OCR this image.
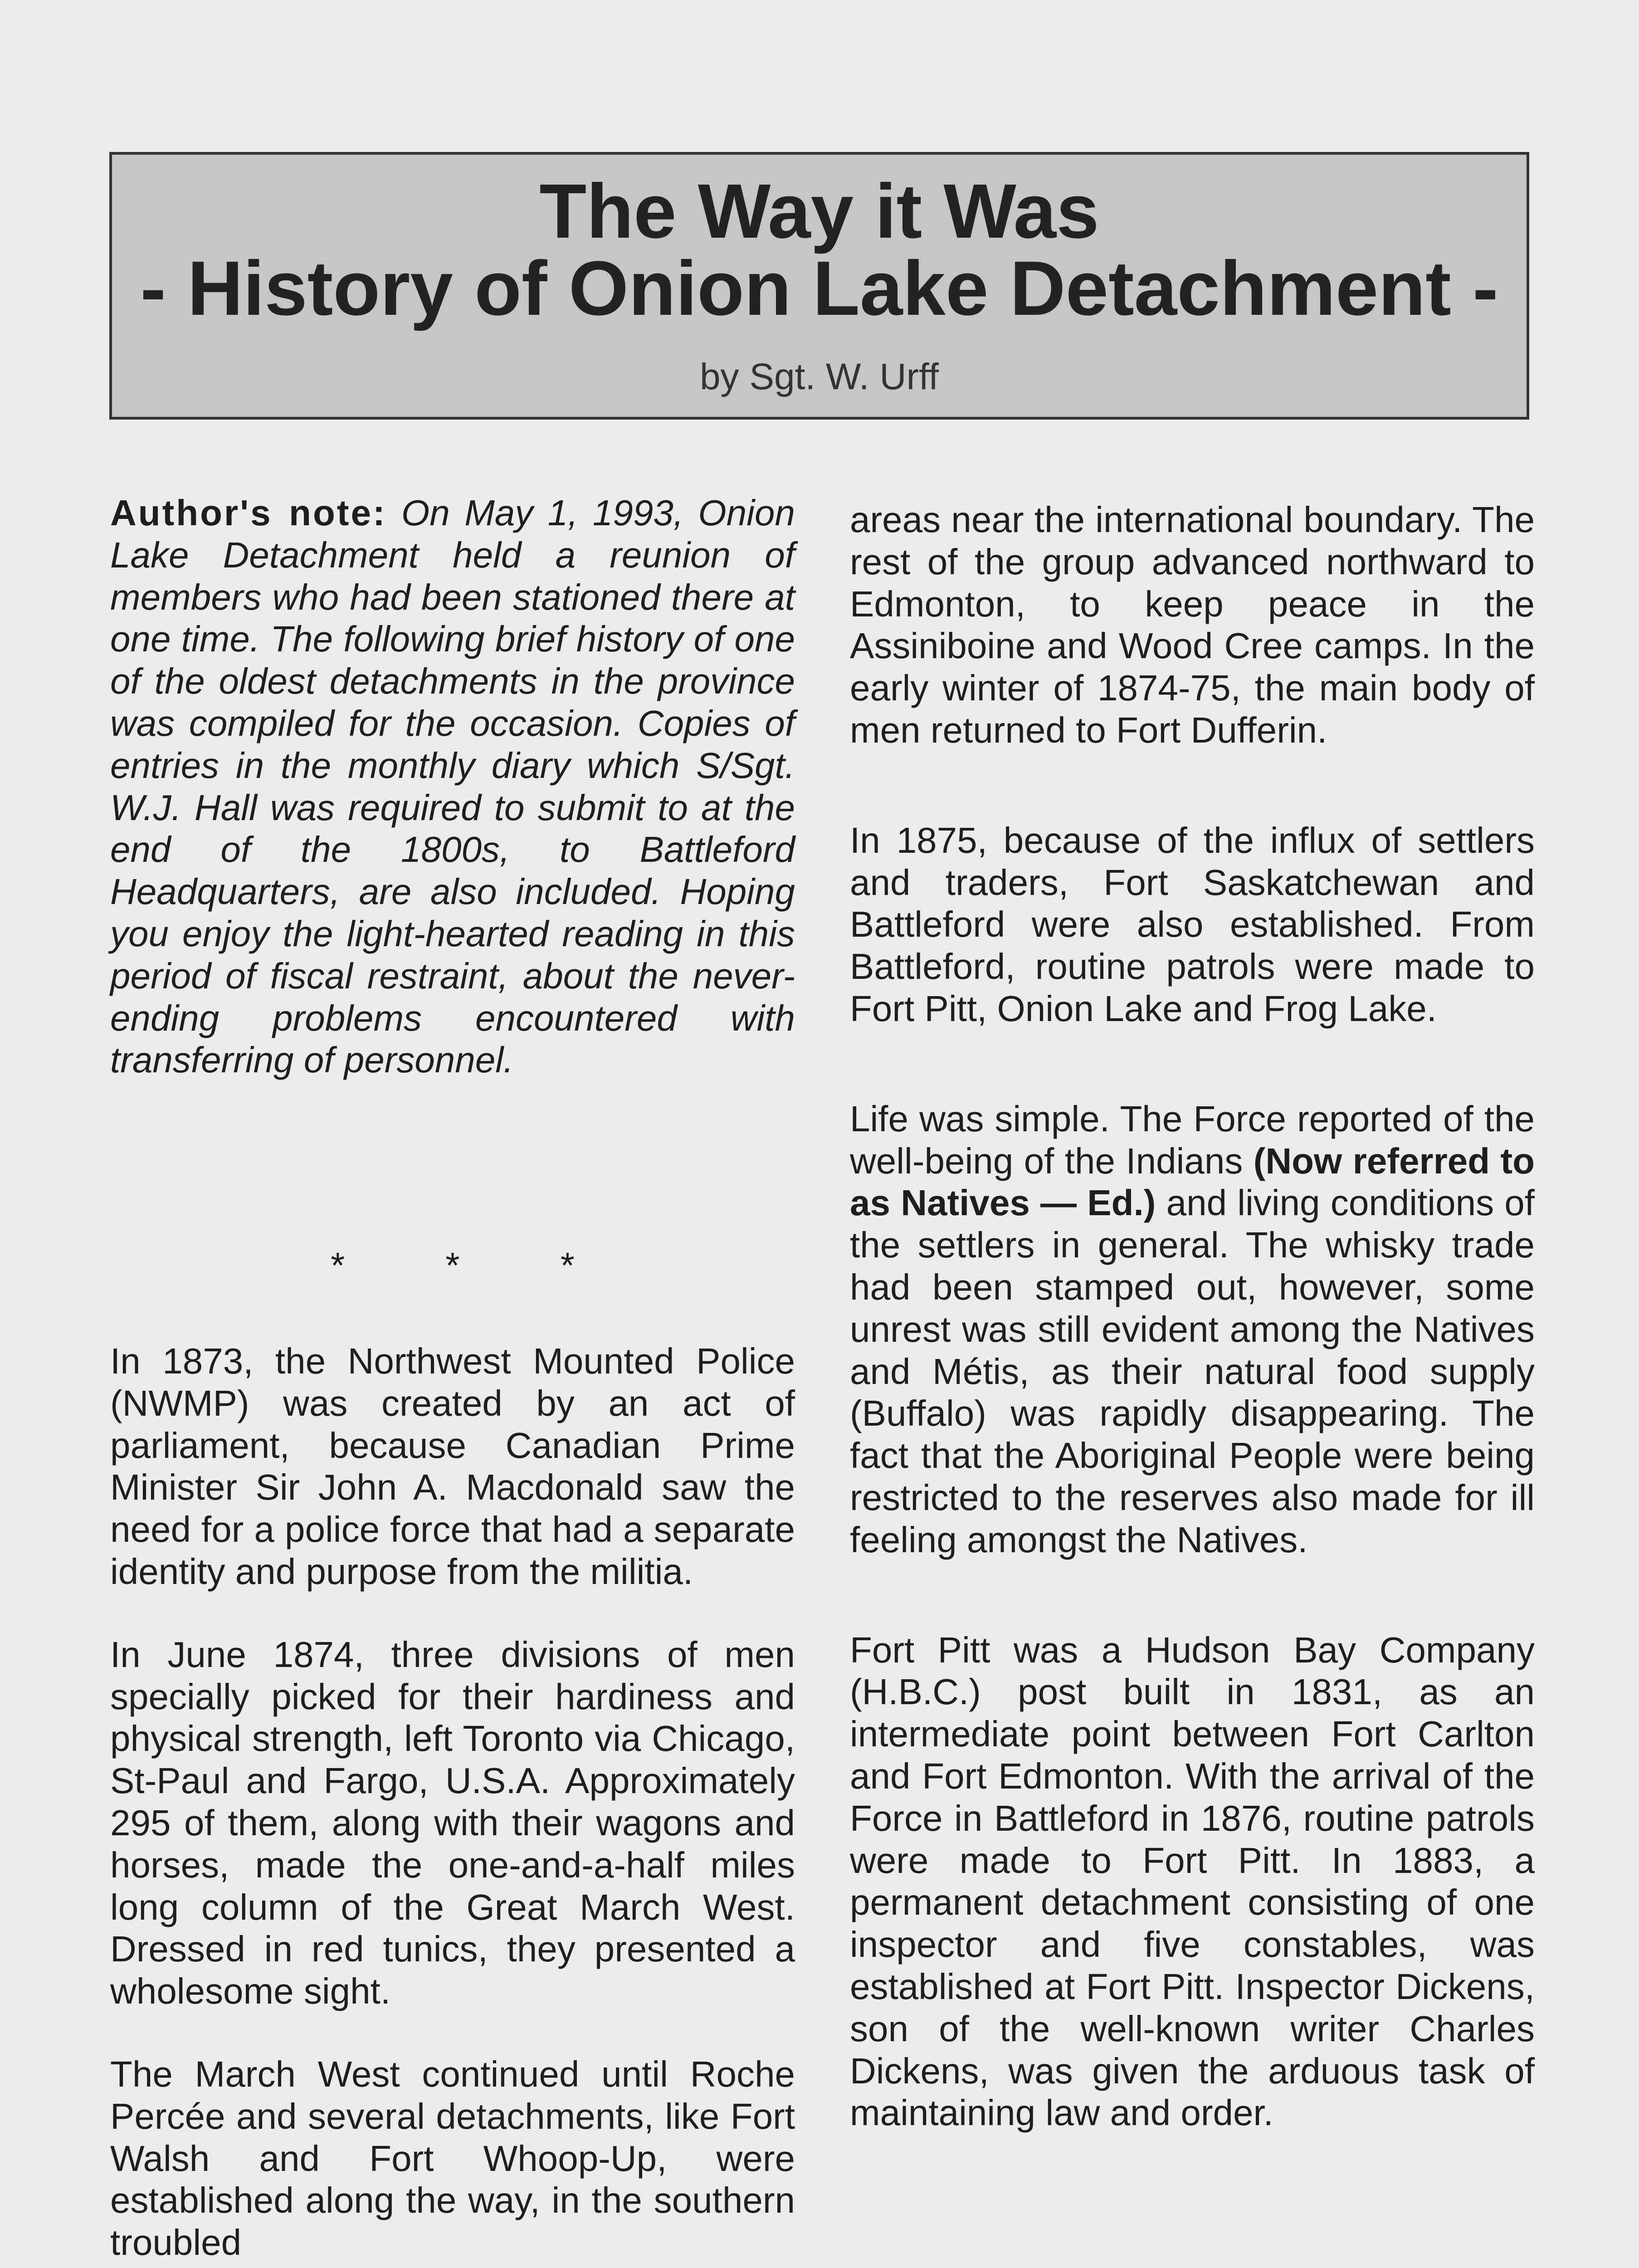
The Way it Was
- History of Onion Lake Detachment -
by Sgt. W. Urff

Author's note: On May 1, 1993, Onion Lake Detachment held a reunion of members who had been stationed there at one time. The following brief history of one of the oldest detachments in the province was compiled for the occasion. Copies of entries in the monthly diary which S/Sgt. W.J. Hall was required to submit to at the end of the 1800s, to Battleford Headquarters, are also included. Hoping you enjoy the light-hearted reading in this period of fiscal restraint, about the never-ending problems encountered with transferring of personnel.

* * *

In 1873, the Northwest Mounted Police (NWMP) was created by an act of parliament, because Canadian Prime Minister Sir John A. Macdonald saw the need for a police force that had a separate identity and purpose from the militia.

In June 1874, three divisions of men specially picked for their hardiness and physical strength, left Toronto via Chicago, St-Paul and Fargo, U.S.A. Approximately 295 of them, along with their wagons and horses, made the one-and-a-half miles long column of the Great March West. Dressed in red tunics, they presented a wholesome sight.

The March West continued until Roche Percée and several detachments, like Fort Walsh and Fort Whoop-Up, were established along the way, in the southern troubled

areas near the international boundary. The rest of the group advanced northward to Edmonton, to keep peace in the Assiniboine and Wood Cree camps. In the early winter of 1874-75, the main body of men returned to Fort Dufferin.

In 1875, because of the influx of settlers and traders, Fort Saskatchewan and Battleford were also established. From Battleford, routine patrols were made to Fort Pitt, Onion Lake and Frog Lake.

Life was simple. The Force reported of the well-being of the Indians (Now referred to as Natives — Ed.) and living conditions of the settlers in general. The whisky trade had been stamped out, however, some unrest was still evident among the Natives and Métis, as their natural food supply (Buffalo) was rapidly disappearing. The fact that the Aboriginal People were being restricted to the reserves also made for ill feeling amongst the Natives.

Fort Pitt was a Hudson Bay Company (H.B.C.) post built in 1831, as an intermediate point between Fort Carlton and Fort Edmonton. With the arrival of the Force in Battleford in 1876, routine patrols were made to Fort Pitt. In 1883, a permanent detachment consisting of one inspector and five constables, was established at Fort Pitt. Inspector Dickens, son of the well-known writer Charles Dickens, was given the arduous task of maintaining law and order.
